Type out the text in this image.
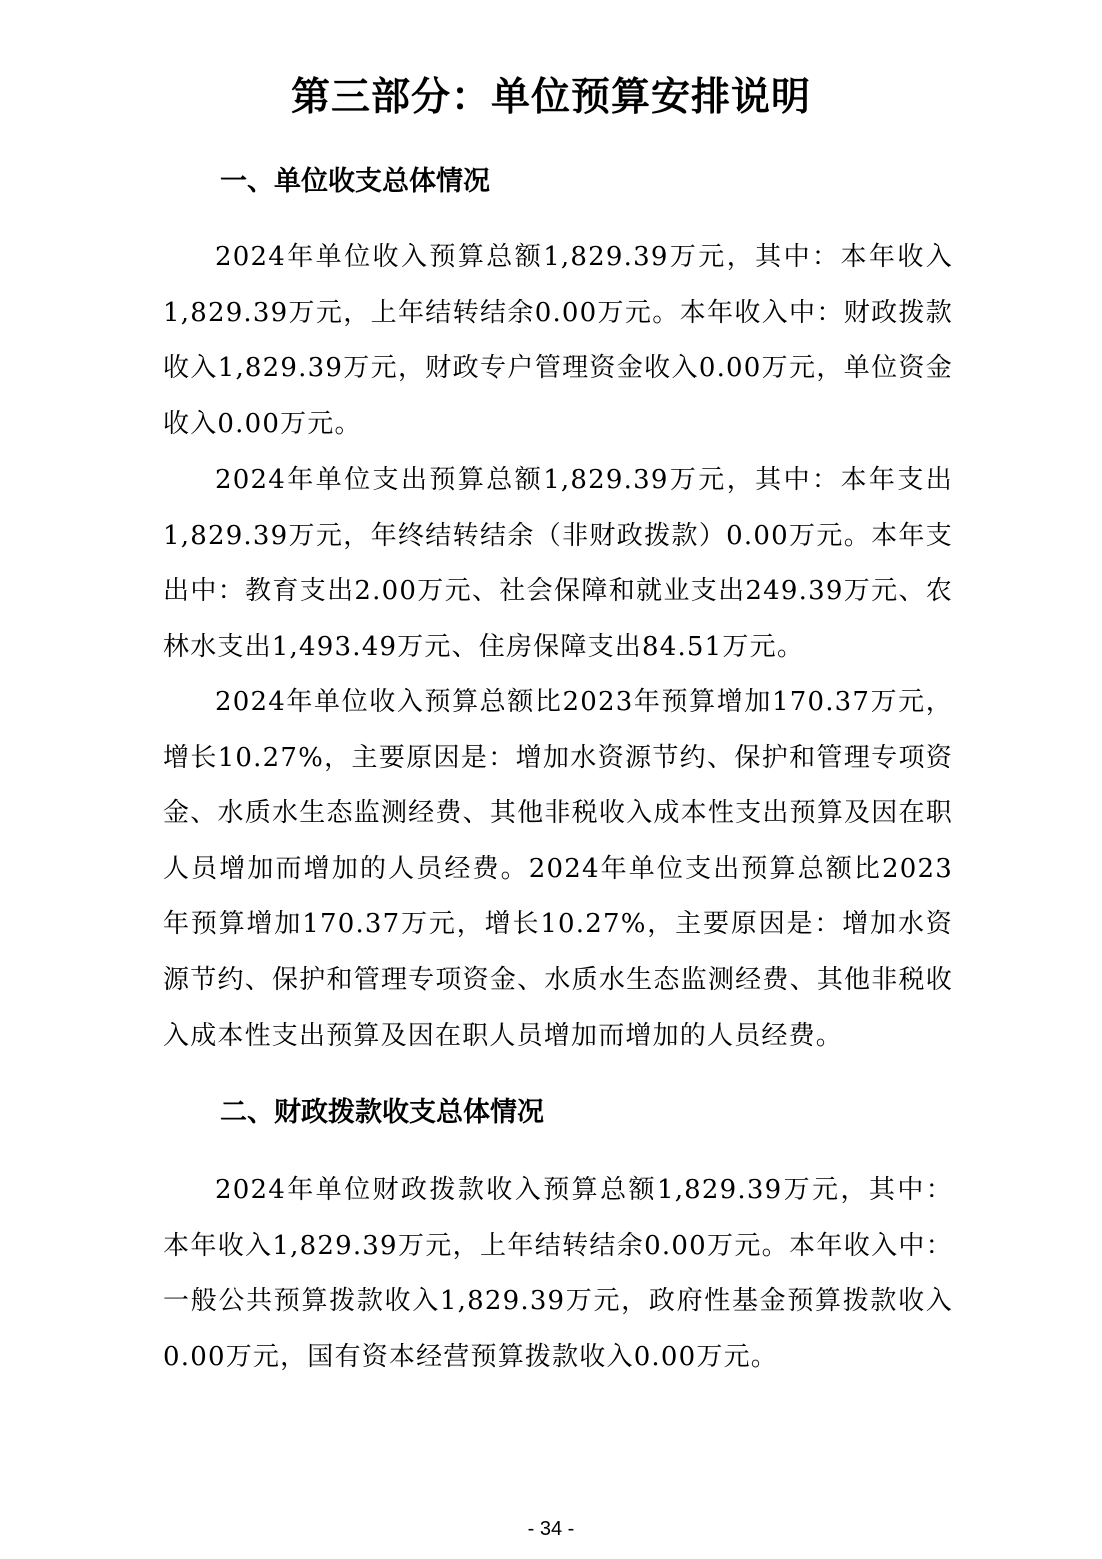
第三部分：单位预算安排说明
一、单位收支总体情况

2024年单位收入预算总额1,829.39万元，其中：本年收入1,829.39万元，上年结转结余0.00万元。本年收入中：财政拨款收入1,829.39万元，财政专户管理资金收入0.00万元，单位资金收入0.00万元。

2024年单位支出预算总额1,829.39万元，其中：本年支出1,829.39万元，年终结转结余（非财政拨款）0.00万元。本年支出中：教育支出2.00万元、社会保障和就业支出249.39万元、农林水支出1,493.49万元、住房保障支出84.51万元。

2024年单位收入预算总额比2023年预算增加170.37万元，增长10.27%，主要原因是：增加水资源节约、保护和管理专项资金、水质水生态监测经费、其他非税收入成本性支出预算及因在职人员增加而增加的人员经费。2024年单位支出预算总额比2023年预算增加170.37万元，增长10.27%，主要原因是：增加水资源节约、保护和管理专项资金、水质水生态监测经费、其他非税收入成本性支出预算及因在职人员增加而增加的人员经费。

二、财政拨款收支总体情况

2024年单位财政拨款收入预算总额1,829.39万元，其中：本年收入1,829.39万元，上年结转结余0.00万元。本年收入中：一般公共预算拨款收入1,829.39万元，政府性基金预算拨款收入0.00万元，国有资本经营预算拨款收入0.00万元。

- 34 -
